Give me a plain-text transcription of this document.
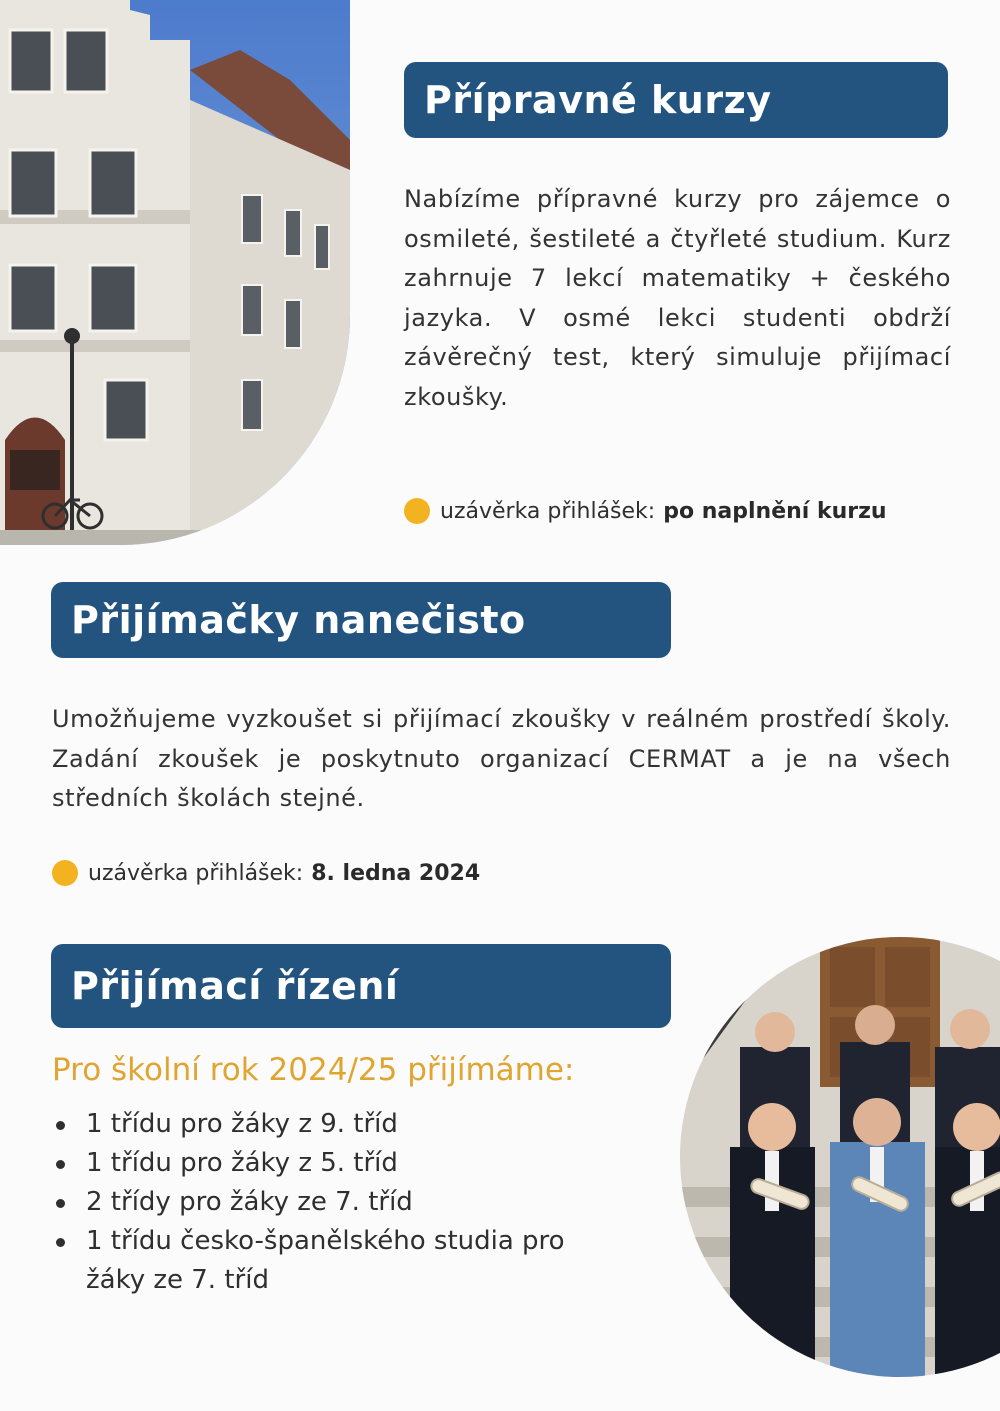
Přípravné kurzy
Nabízíme přípravné kurzy pro zájemce o osmileté, šestileté a čtyřleté studium. Kurz zahrnuje 7 lekcí matematiky + českého jazyka. V osmé lekci studenti obdrží závěrečný test, který simuluje přijímací zkoušky.
uzávěrka přihlášek: po naplnění kurzu
Přijímačky nanečisto
Umožňujeme vyzkoušet si přijímací zkoušky v reálném prostředí školy. Zadání zkoušek je poskytnuto organizací CERMAT a je na všech středních školách stejné.
uzávěrka přihlášek: 8. ledna 2024
Přijímací řízení
Pro školní rok 2024/25 přijímáme:
1 třídu pro žáky z 9. tříd
1 třídu pro žáky z 5. tříd
2 třídy pro žáky ze 7. tříd
1 třídu česko-španělského studia pro žáky ze 7. tříd
